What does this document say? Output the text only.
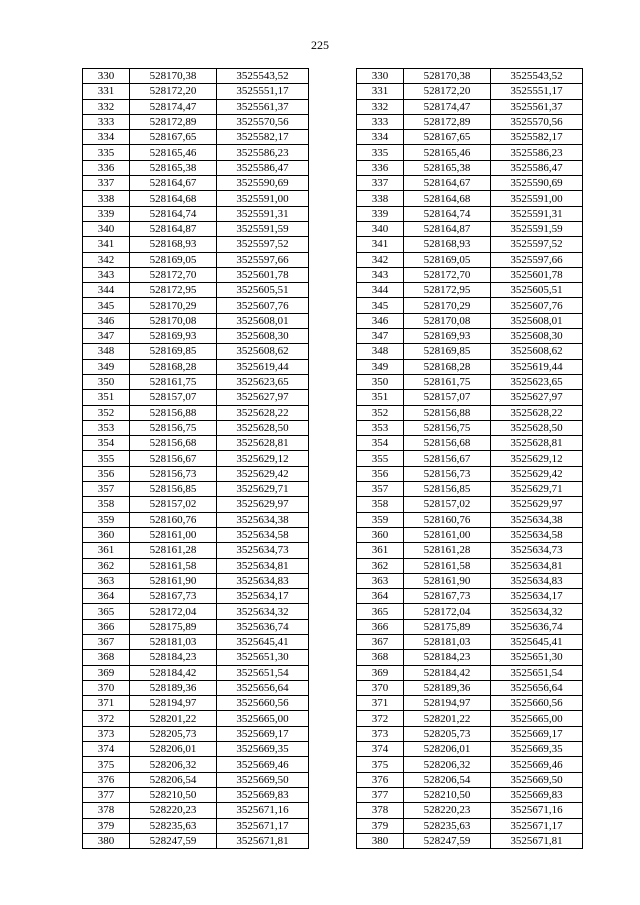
225
330	528170,38	3525543,52		330	528170,38	3525543,52
331	528172,20	3525551,17		331	528172,20	3525551,17
332	528174,47	3525561,37		332	528174,47	3525561,37
333	528172,89	3525570,56		333	528172,89	3525570,56
334	528167,65	3525582,17		334	528167,65	3525582,17
335	528165,46	3525586,23		335	528165,46	3525586,23
336	528165,38	3525586,47		336	528165,38	3525586,47
337	528164,67	3525590,69		337	528164,67	3525590,69
338	528164,68	3525591,00		338	528164,68	3525591,00
339	528164,74	3525591,31		339	528164,74	3525591,31
340	528164,87	3525591,59		340	528164,87	3525591,59
341	528168,93	3525597,52		341	528168,93	3525597,52
342	528169,05	3525597,66		342	528169,05	3525597,66
343	528172,70	3525601,78		343	528172,70	3525601,78
344	528172,95	3525605,51		344	528172,95	3525605,51
345	528170,29	3525607,76		345	528170,29	3525607,76
346	528170,08	3525608,01		346	528170,08	3525608,01
347	528169,93	3525608,30		347	528169,93	3525608,30
348	528169,85	3525608,62		348	528169,85	3525608,62
349	528168,28	3525619,44		349	528168,28	3525619,44
350	528161,75	3525623,65		350	528161,75	3525623,65
351	528157,07	3525627,97		351	528157,07	3525627,97
352	528156,88	3525628,22		352	528156,88	3525628,22
353	528156,75	3525628,50		353	528156,75	3525628,50
354	528156,68	3525628,81		354	528156,68	3525628,81
355	528156,67	3525629,12		355	528156,67	3525629,12
356	528156,73	3525629,42		356	528156,73	3525629,42
357	528156,85	3525629,71		357	528156,85	3525629,71
358	528157,02	3525629,97		358	528157,02	3525629,97
359	528160,76	3525634,38		359	528160,76	3525634,38
360	528161,00	3525634,58		360	528161,00	3525634,58
361	528161,28	3525634,73		361	528161,28	3525634,73
362	528161,58	3525634,81		362	528161,58	3525634,81
363	528161,90	3525634,83		363	528161,90	3525634,83
364	528167,73	3525634,17		364	528167,73	3525634,17
365	528172,04	3525634,32		365	528172,04	3525634,32
366	528175,89	3525636,74		366	528175,89	3525636,74
367	528181,03	3525645,41		367	528181,03	3525645,41
368	528184,23	3525651,30		368	528184,23	3525651,30
369	528184,42	3525651,54		369	528184,42	3525651,54
370	528189,36	3525656,64		370	528189,36	3525656,64
371	528194,97	3525660,56		371	528194,97	3525660,56
372	528201,22	3525665,00		372	528201,22	3525665,00
373	528205,73	3525669,17		373	528205,73	3525669,17
374	528206,01	3525669,35		374	528206,01	3525669,35
375	528206,32	3525669,46		375	528206,32	3525669,46
376	528206,54	3525669,50		376	528206,54	3525669,50
377	528210,50	3525669,83		377	528210,50	3525669,83
378	528220,23	3525671,16		378	528220,23	3525671,16
379	528235,63	3525671,17		379	528235,63	3525671,17
380	528247,59	3525671,81		380	528247,59	3525671,81
